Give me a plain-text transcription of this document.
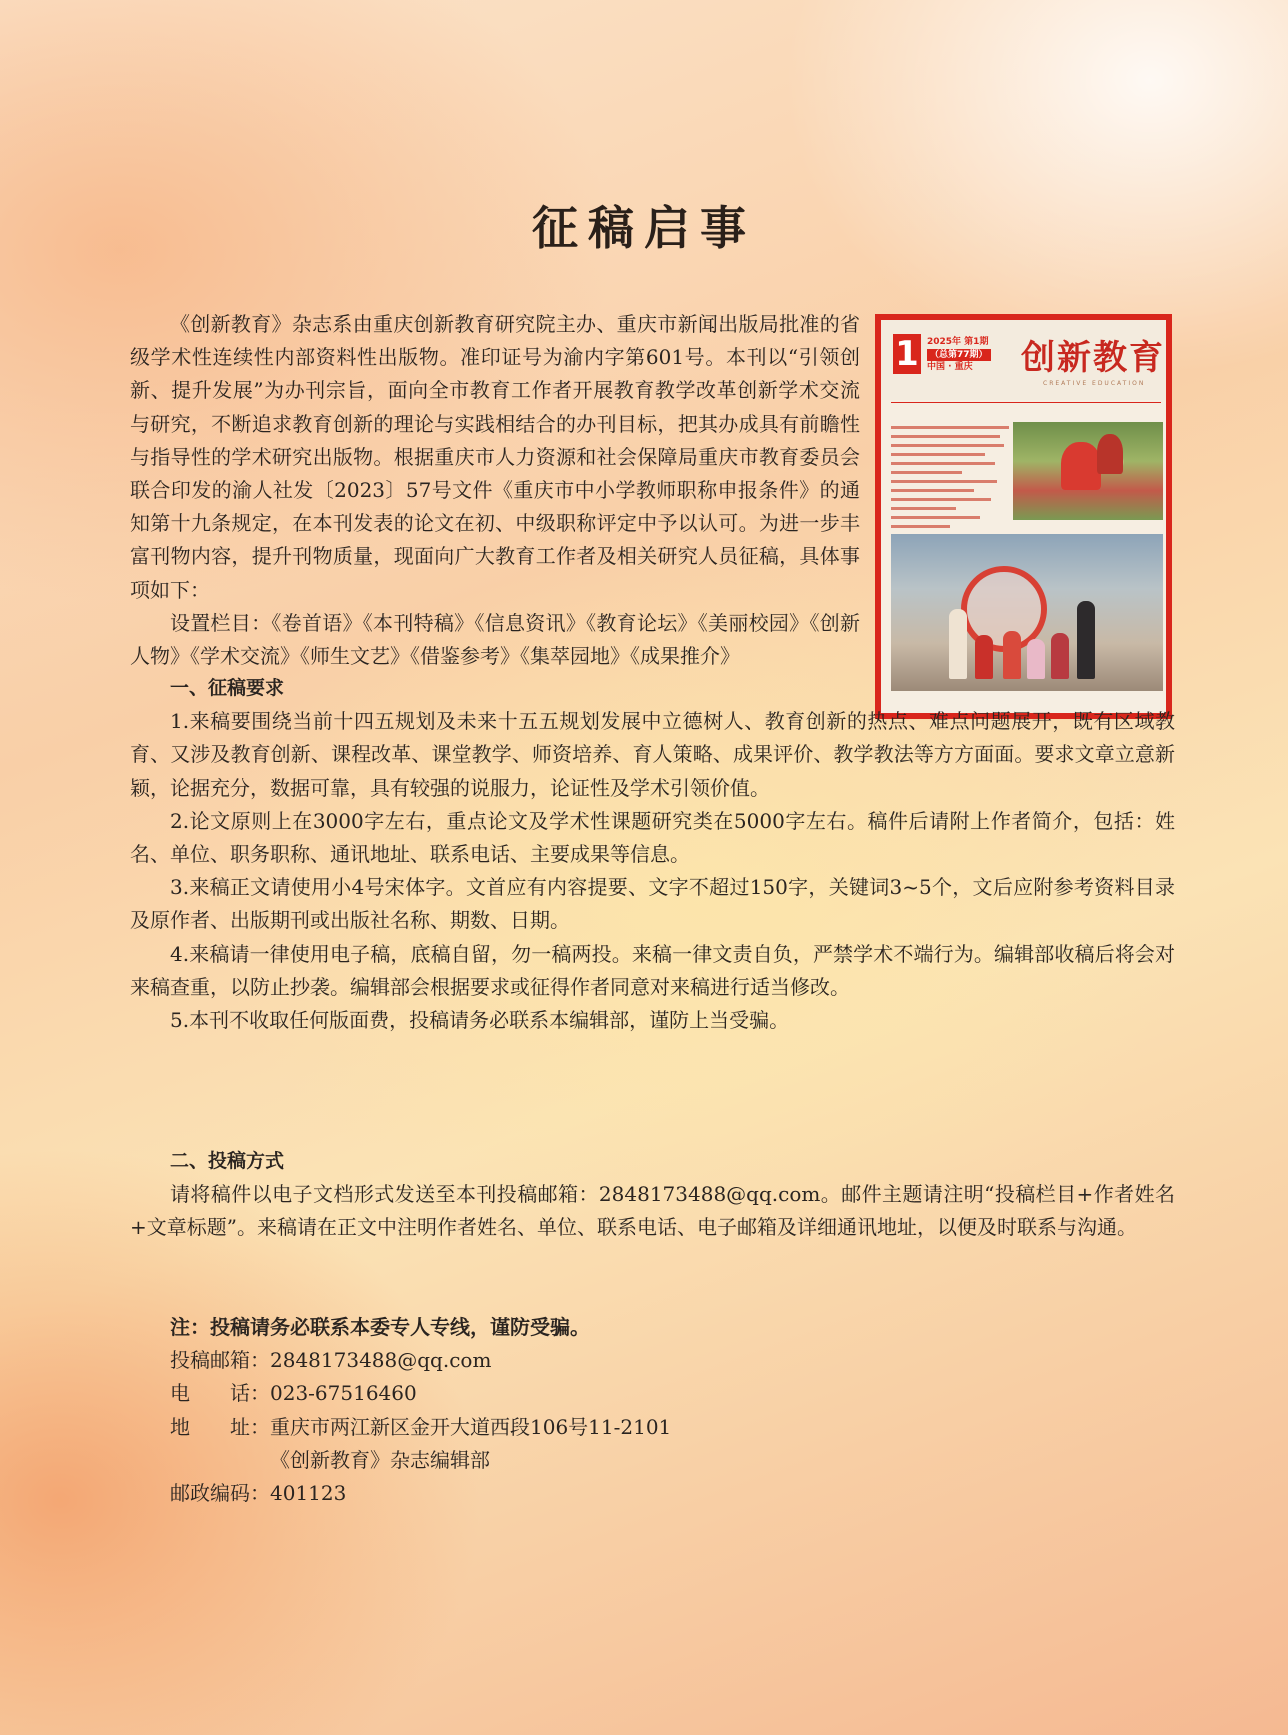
征稿启事
《创新教育》杂志系由重庆创新教育研究院主办、重庆市新闻出版局批准的省级学术性连续性内部资料性出版物。准印证号为渝内字第601号。本刊以“引领创新、提升发展”为办刊宗旨，面向全市教育工作者开展教育教学改革创新学术交流与研究，不断追求教育创新的理论与实践相结合的办刊目标，把其办成具有前瞻性与指导性的学术研究出版物。根据重庆市人力资源和社会保障局重庆市教育委员会联合印发的渝人社发〔2023〕57号文件《重庆市中小学教师职称申报条件》的通知第十九条规定，在本刊发表的论文在初、中级职称评定中予以认可。为进一步丰富刊物内容，提升刊物质量，现面向广大教育工作者及相关研究人员征稿，具体事项如下：
设置栏目：《卷首语》《本刊特稿》《信息资讯》《教育论坛》《美丽校园》《创新人物》《学术交流》《师生文艺》《借鉴参考》《集萃园地》《成果推介》
1 2025年 第1期
（总第77期）
中国 · 重庆	创新教育
CREATIVE EDUCATION
一、征稿要求
1.来稿要围绕当前十四五规划及未来十五五规划发展中立德树人、教育创新的热点、难点问题展开，既有区域教育、又涉及教育创新、课程改革、课堂教学、师资培养、育人策略、成果评价、教学教法等方方面面。要求文章立意新颖，论据充分，数据可靠，具有较强的说服力，论证性及学术引领价值。
2.论文原则上在3000字左右，重点论文及学术性课题研究类在5000字左右。稿件后请附上作者简介，包括：姓名、单位、职务职称、通讯地址、联系电话、主要成果等信息。
3.来稿正文请使用小4号宋体字。文首应有内容提要、文字不超过150字，关键词3~5个，文后应附参考资料目录及原作者、出版期刊或出版社名称、期数、日期。
4.来稿请一律使用电子稿，底稿自留，勿一稿两投。来稿一律文责自负，严禁学术不端行为。编辑部收稿后将会对来稿查重，以防止抄袭。编辑部会根据要求或征得作者同意对来稿进行适当修改。
5.本刊不收取任何版面费，投稿请务必联系本编辑部，谨防上当受骗。
二、投稿方式
请将稿件以电子文档形式发送至本刊投稿邮箱：2848173488@qq.com。邮件主题请注明“投稿栏目+作者姓名+文章标题”。来稿请在正文中注明作者姓名、单位、联系电话、电子邮箱及详细通讯地址，以便及时联系与沟通。
注：投稿请务必联系本委专人专线，谨防受骗。
投稿邮箱：2848173488@qq.com
电　　话：023-67516460
地　　址：重庆市两江新区金开大道西段106号11-2101
《创新教育》杂志编辑部
邮政编码：401123
